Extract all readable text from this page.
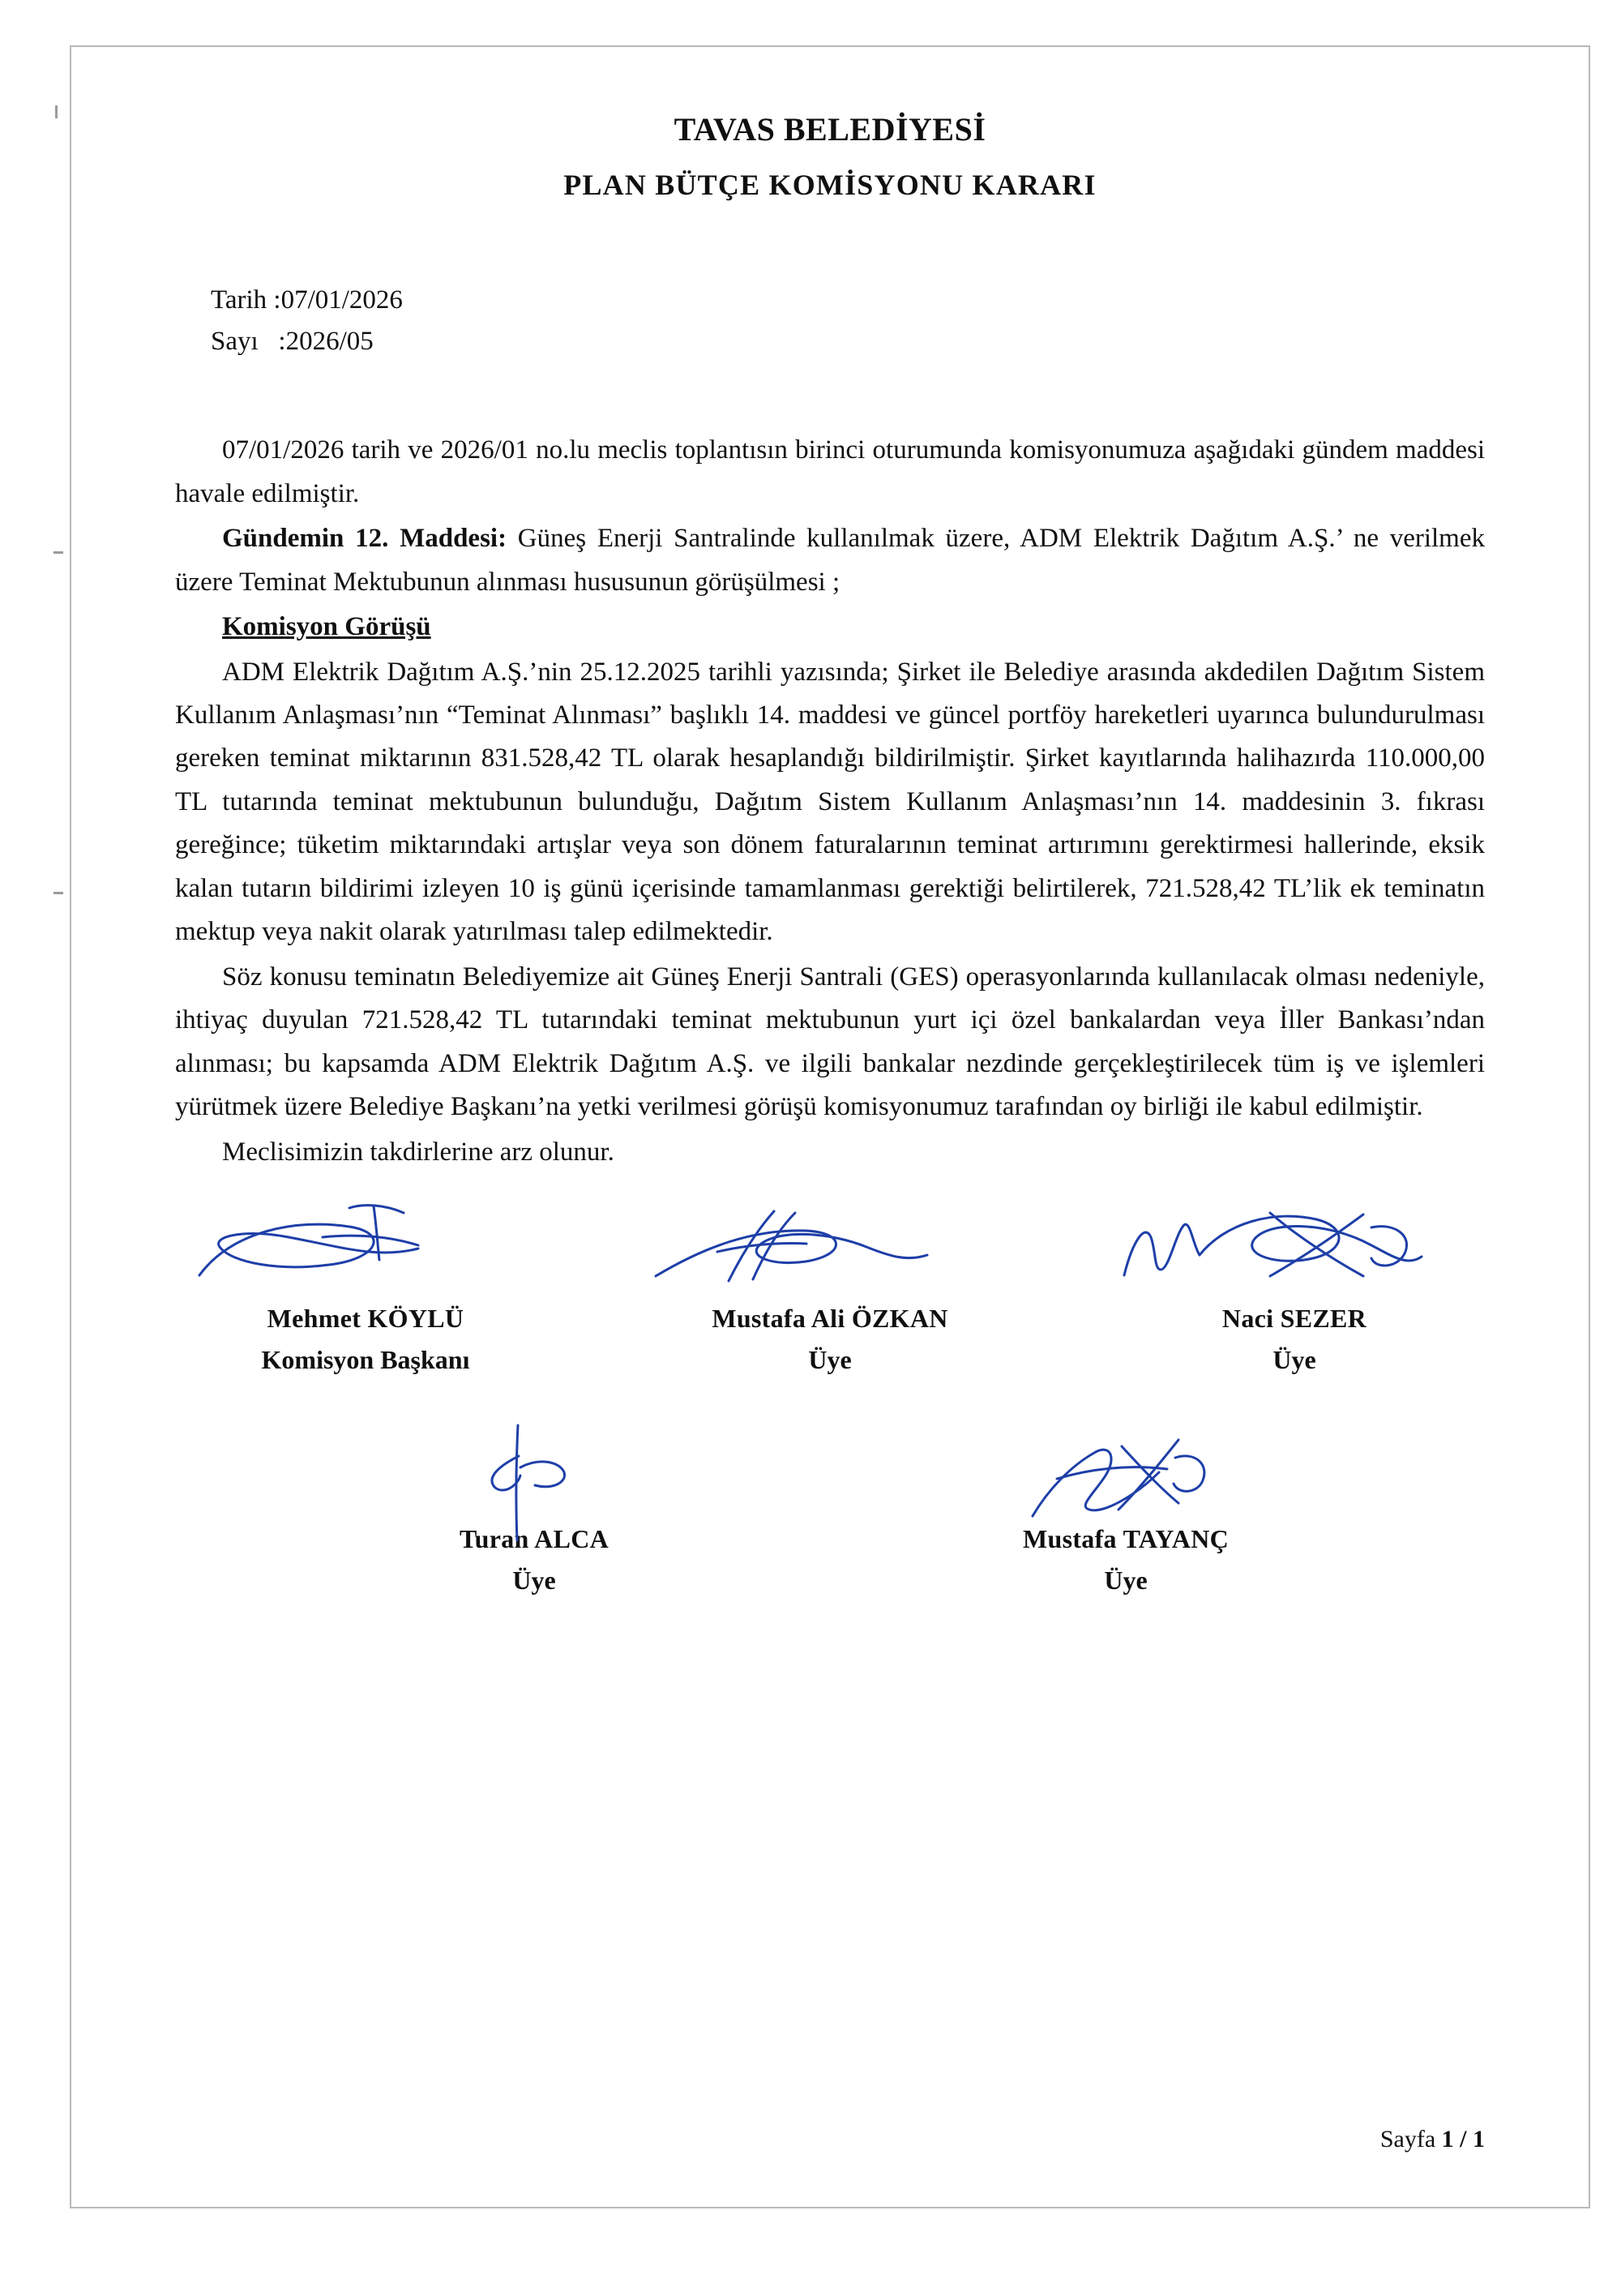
TAVAS BELEDİYESİ
PLAN BÜTÇE KOMİSYONU KARARI
Tarih :07/01/2026
Sayı   :2026/05

07/01/2026 tarih ve 2026/01 no.lu meclis toplantısın birinci oturumunda komisyonumuza aşağıdaki gündem maddesi havale edilmiştir.

Gündemin 12. Maddesi: Güneş Enerji Santralinde kullanılmak üzere, ADM Elektrik Dağıtım A.Ş.’ ne verilmek üzere Teminat Mektubunun alınması hususunun görüşülmesi ;

Komisyon Görüşü

ADM Elektrik Dağıtım A.Ş.’nin 25.12.2025 tarihli yazısında; Şirket ile Belediye arasında akdedilen Dağıtım Sistem Kullanım Anlaşması’nın “Teminat Alınması” başlıklı 14. maddesi ve güncel portföy hareketleri uyarınca bulundurulması gereken teminat miktarının 831.528,42 TL olarak hesaplandığı bildirilmiştir. Şirket kayıtlarında halihazırda 110.000,00 TL tutarında teminat mektubunun bulunduğu, Dağıtım Sistem Kullanım Anlaşması’nın 14. maddesinin 3. fıkrası gereğince; tüketim miktarındaki artışlar veya son dönem faturalarının teminat artırımını gerektirmesi hallerinde, eksik kalan tutarın bildirimi izleyen 10 iş günü içerisinde tamamlanması gerektiği belirtilerek, 721.528,42 TL’lik ek teminatın mektup veya nakit olarak yatırılması talep edilmektedir.

Söz konusu teminatın Belediyemize ait Güneş Enerji Santrali (GES) operasyonlarında kullanılacak olması nedeniyle, ihtiyaç duyulan 721.528,42 TL tutarındaki teminat mektubunun yurt içi özel bankalardan veya İller Bankası’ndan alınması; bu kapsamda ADM Elektrik Dağıtım A.Ş. ve ilgili bankalar nezdinde gerçekleştirilecek tüm iş ve işlemleri yürütmek üzere Belediye Başkanı’na yetki verilmesi görüşü komisyonumuz tarafından oy birliği ile kabul edilmiştir.

Meclisimizin takdirlerine arz olunur.

Mehmet KÖYLÜ
Komisyon Başkanı
Mustafa Ali ÖZKAN
Üye
Naci SEZER
Üye
Turan ALCA
Üye
Mustafa TAYANÇ
Üye
Sayfa 1 / 1
